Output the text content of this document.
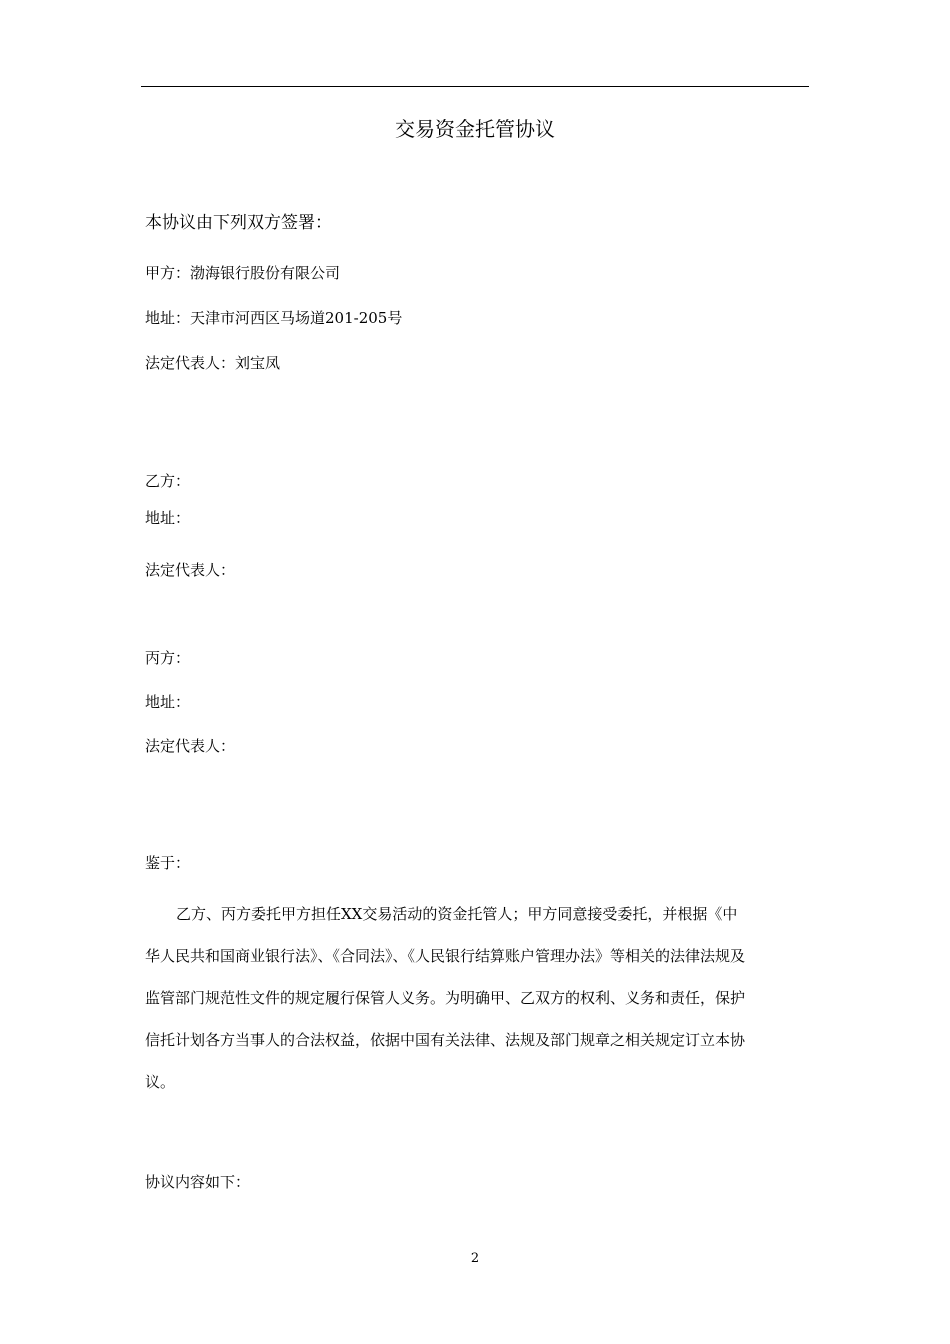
交易资金托管协议
本协议由下列双方签署：
甲方：渤海银行股份有限公司
地址：天津市河西区马场道201-205号
法定代表人：刘宝凤
乙方：
地址：
法定代表人：
丙方：
地址：
法定代表人：
鉴于：
乙方、丙方委托甲方担任XX交易活动的资金托管人；甲方同意接受委托，并根据《中
华人民共和国商业银行法》、《合同法》、《人民银行结算账户管理办法》等相关的法律法规及
监管部门规范性文件的规定履行保管人义务。为明确甲、乙双方的权利、义务和责任，保护
信托计划各方当事人的合法权益，依据中国有关法律、法规及部门规章之相关规定订立本协
议。
协议内容如下：
2
